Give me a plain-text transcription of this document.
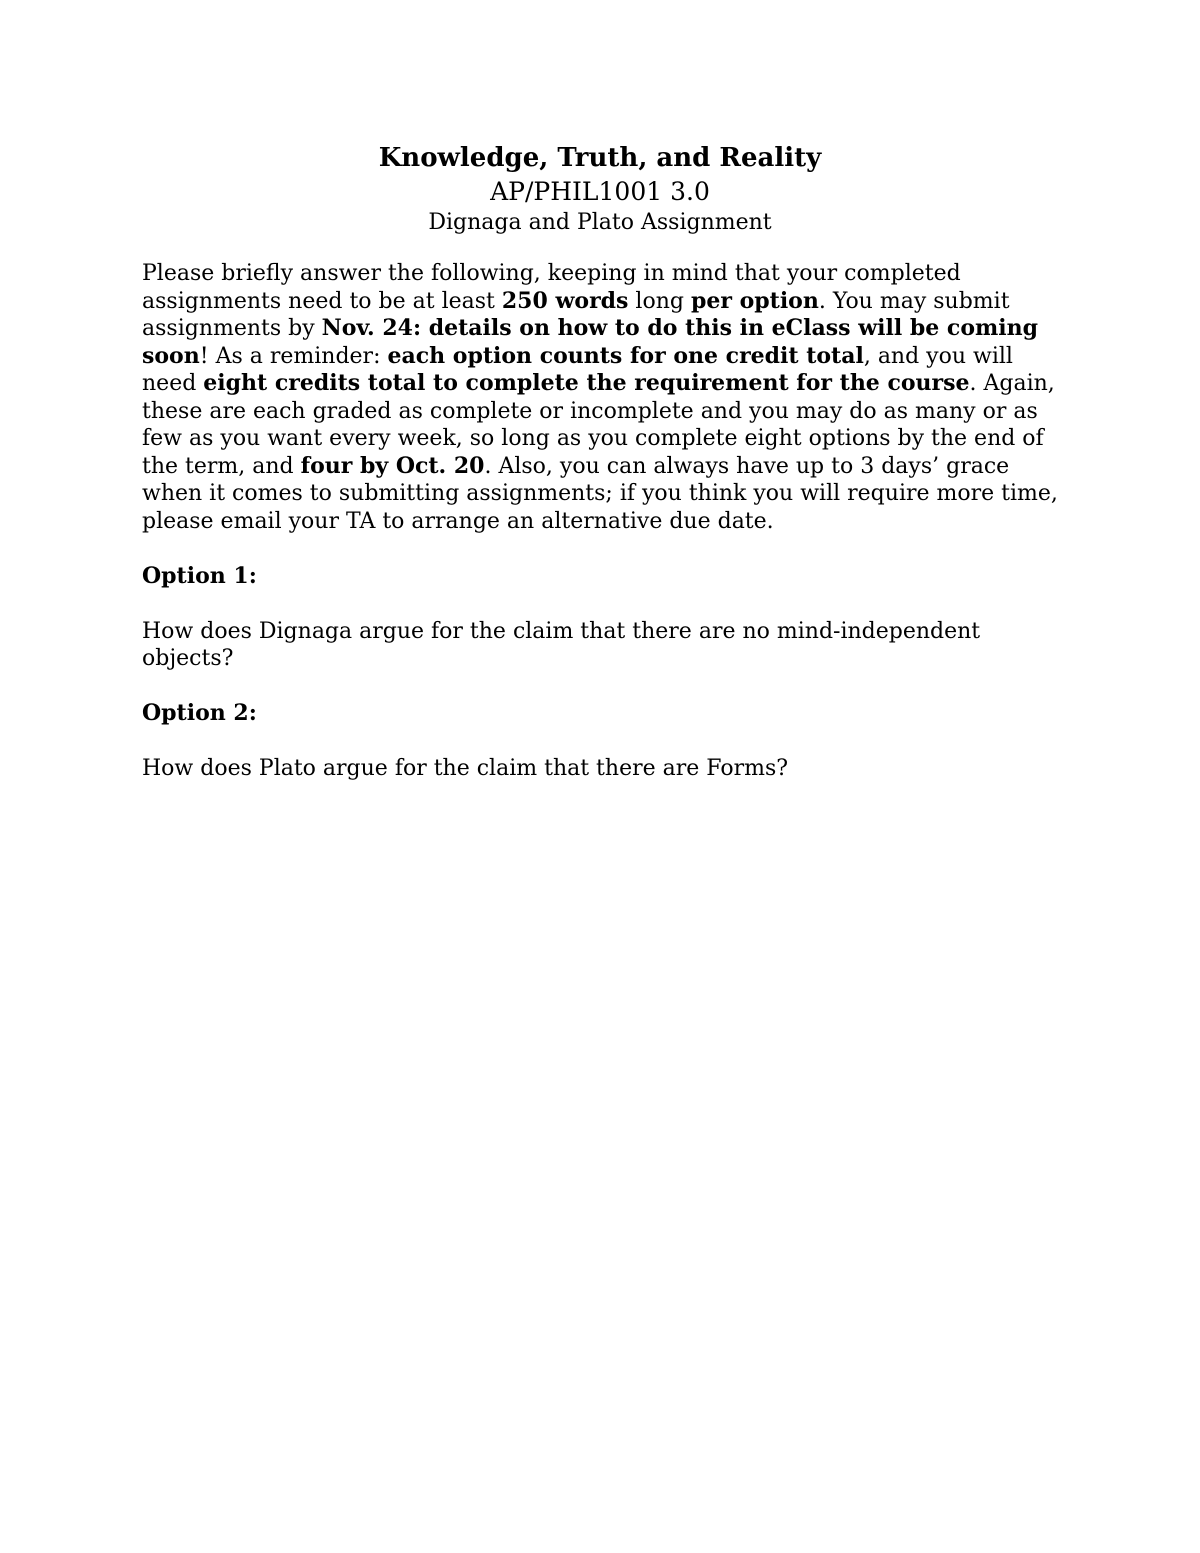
Knowledge, Truth, and Reality

AP/PHIL1001 3.0

Dignaga and Plato Assignment

Please briefly answer the following, keeping in mind that your completed assignments need to be at least 250 words long per option. You may submit assignments by Nov. 24: details on how to do this in eClass will be coming soon! As a reminder: each option counts for one credit total, and you will need eight credits total to complete the requirement for the course. Again, these are each graded as complete or incomplete and you may do as many or as few as you want every week, so long as you complete eight options by the end of the term, and four by Oct. 20. Also, you can always have up to 3 days’ grace when it comes to submitting assignments; if you think you will require more time, please email your TA to arrange an alternative due date.

Option 1:

How does Dignaga argue for the claim that there are no mind-independent objects?

Option 2:

How does Plato argue for the claim that there are Forms?
